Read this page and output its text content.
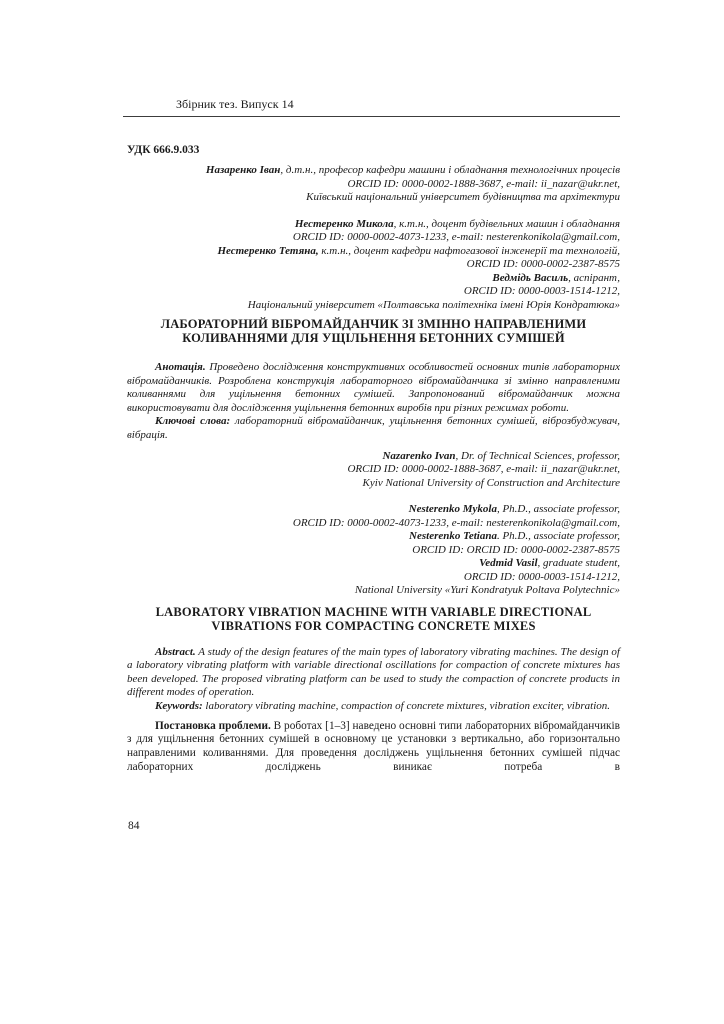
Збірник тез. Випуск 14

УДК 666.9.033

Назаренко Іван, д.т.н., професор кафедри машини і обладнання технологічних процесів
ORCID ID: 0000-0002-1888-3687, e-mail: ii_nazar@ukr.net,
Київський національний університет будівництва та архітектури
Нестеренко Микола, к.т.н., доцент будівельних машин і обладнання
ORCID ID: 0000-0002-4073-1233, e-mail: nesterenkonikola@gmail.com,
Нестеренко Тетяна, к.т.н., доцент кафедри нафтогазової інженерії та технологій,
ORCID ID: 0000-0002-2387-8575
Ведмідь Василь, аспірант,
ORCID ID: 0000-0003-1514-1212,
Національний університет «Полтавська політехніка імені Юрія Кондратюка»

ЛАБОРАТОРНИЙ ВІБРОМАЙДАНЧИК ЗІ ЗМІННО НАПРАВЛЕНИМИ КОЛИВАННЯМИ ДЛЯ УЩІЛЬНЕННЯ БЕТОННИХ СУМІШЕЙ

Анотація. Проведено дослідження конструктивних особливостей основних типів лабораторних вібромайданчиків. Розроблена конструкція лабораторного вібромайданчика зі змінно направленими коливаннями для ущільнення бетонних сумішей. Запропонований вібромайданчик можна використовувати для дослідження ущільнення бетонних виробів при різних режимах роботи.

Ключові слова: лабораторний вібромайданчик, ущільнення бетонних сумішей, віброзбуджувач, вібрація.

Nazarenko Ivan, Dr. of Technical Sciences, professor,
ORCID ID: 0000-0002-1888-3687, e-mail: ii_nazar@ukr.net,
Kyiv National University of Construction and Architecture
Nesterenko Mykola, Ph.D., associate professor,
ORCID ID: 0000-0002-4073-1233, e-mail: nesterenkonikola@gmail.com,
Nesterenko Tetiana. Ph.D., associate professor,
ORCID ID: ORCID ID: 0000-0002-2387-8575
Vedmid Vasil, graduate student,
ORCID ID: 0000-0003-1514-1212,
National University «Yuri Kondratyuk Poltava Polytechnic»

LABORATORY VIBRATION MACHINE WITH VARIABLE DIRECTIONAL VIBRATIONS FOR COMPACTING CONCRETE MIXES

Abstract. A study of the design features of the main types of laboratory vibrating machines. The design of a laboratory vibrating platform with variable directional oscillations for compaction of concrete mixtures has been developed. The proposed vibrating platform can be used to study the compaction of concrete products in different modes of operation.

Keywords: laboratory vibrating machine, compaction of concrete mixtures, vibration exciter, vibration.

Постановка проблеми. В роботах [1–3] наведено основні типи лабораторних вібромайданчиків з для ущільнення бетонних сумішей в основному це установки з вертикально, або горизонтально направленими коливаннями. Для проведення досліджень ущільнення бетонних сумішей підчас лабораторних досліджень виникає потреба в

84
